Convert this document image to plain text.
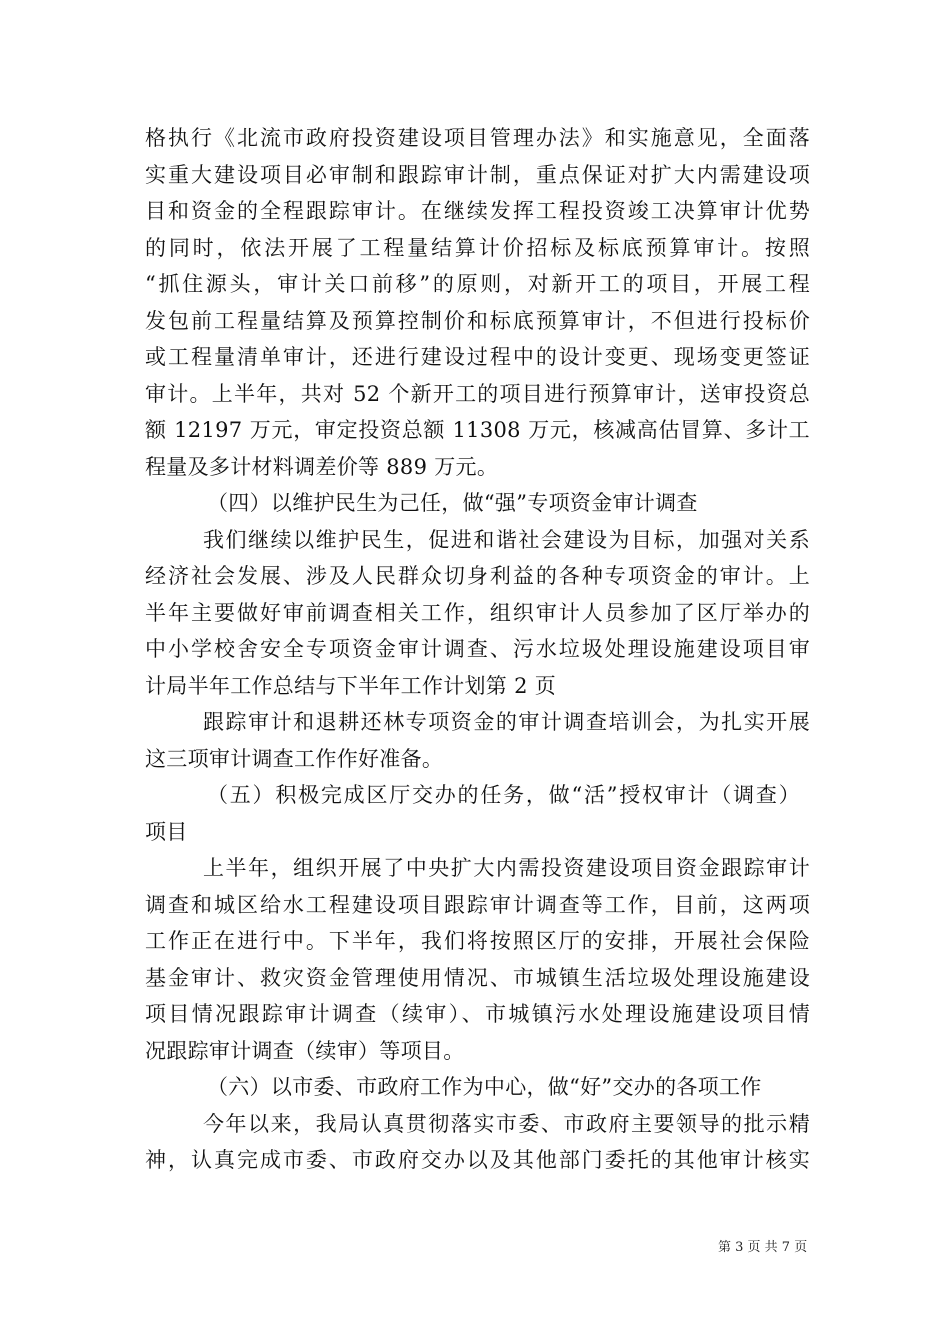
格执行《北流市政府投资建设项目管理办法》和实施意见，全面落
实重大建设项目必审制和跟踪审计制，重点保证对扩大内需建设项
目和资金的全程跟踪审计。在继续发挥工程投资竣工决算审计优势
的同时，依法开展了工程量结算计价招标及标底预算审计。按照
“抓住源头，审计关口前移”的原则，对新开工的项目，开展工程
发包前工程量结算及预算控制价和标底预算审计，不但进行投标价
或工程量清单审计，还进行建设过程中的设计变更、现场变更签证
审计。上半年，共对 52 个新开工的项目进行预算审计，送审投资总
额 12197 万元，审定投资总额 11308 万元，核减高估冒算、多计工
程量及多计材料调差价等 889 万元。
（四）以维护民生为己任，做“强”专项资金审计调查
我们继续以维护民生，促进和谐社会建设为目标，加强对关系
经济社会发展、涉及人民群众切身利益的各种专项资金的审计。上
半年主要做好审前调查相关工作，组织审计人员参加了区厅举办的
中小学校舍安全专项资金审计调查、污水垃圾处理设施建设项目审
计局半年工作总结与下半年工作计划第 2 页
跟踪审计和退耕还林专项资金的审计调查培训会，为扎实开展
这三项审计调查工作作好准备。
（五）积极完成区厅交办的任务，做“活”授权审计（调查）
项目
上半年，组织开展了中央扩大内需投资建设项目资金跟踪审计
调查和城区给水工程建设项目跟踪审计调查等工作，目前，这两项
工作正在进行中。下半年，我们将按照区厅的安排，开展社会保险
基金审计、救灾资金管理使用情况、市城镇生活垃圾处理设施建设
项目情况跟踪审计调查（续审）、市城镇污水处理设施建设项目情
况跟踪审计调查（续审）等项目。
（六）以市委、市政府工作为中心，做“好”交办的各项工作
今年以来，我局认真贯彻落实市委、市政府主要领导的批示精
神，认真完成市委、市政府交办以及其他部门委托的其他审计核实
第 3 页 共 7 页
